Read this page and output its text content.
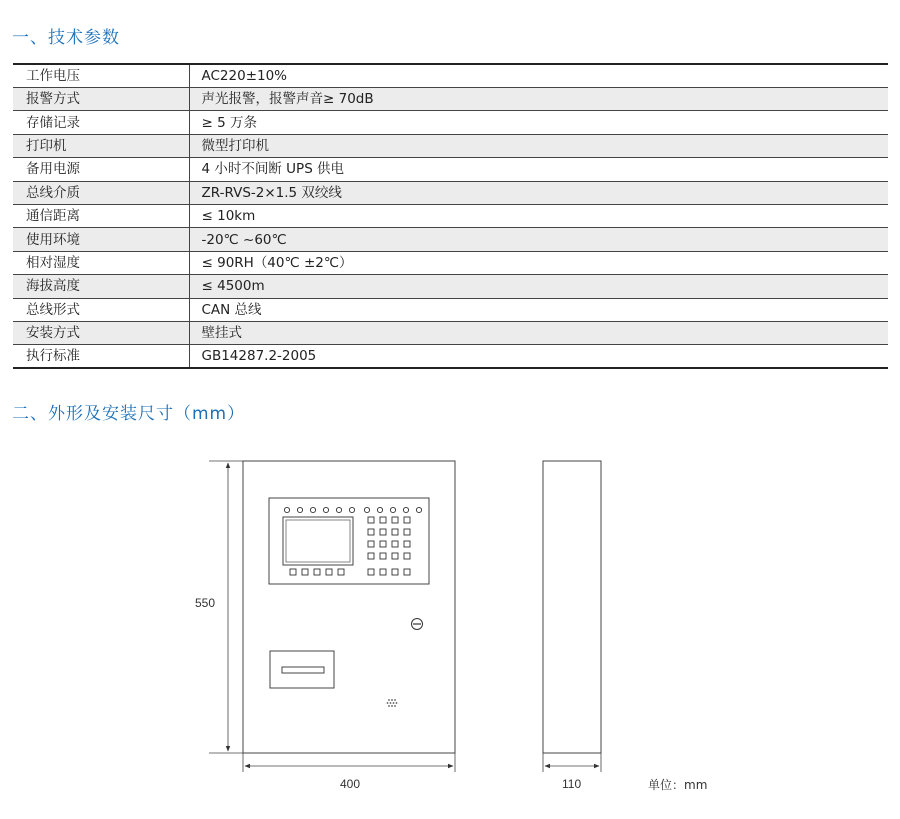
一、技术参数
工作电压	AC220±10%
报警方式	声光报警，报警声音≥ 70dB
存储记录	≥ 5 万条
打印机	微型打印机
备用电源	4 小时不间断 UPS 供电
总线介质	ZR-RVS-2×1.5 双绞线
通信距离	≤ 10km
使用环境	-20℃ ~60℃
相对湿度	≤ 90RH（40℃ ±2℃）
海拔高度	≤ 4500m
总线形式	CAN 总线
安装方式	壁挂式
执行标准	GB14287.2-2005
二、外形及安装尺寸（mm）
550
400	110	单位：mm
